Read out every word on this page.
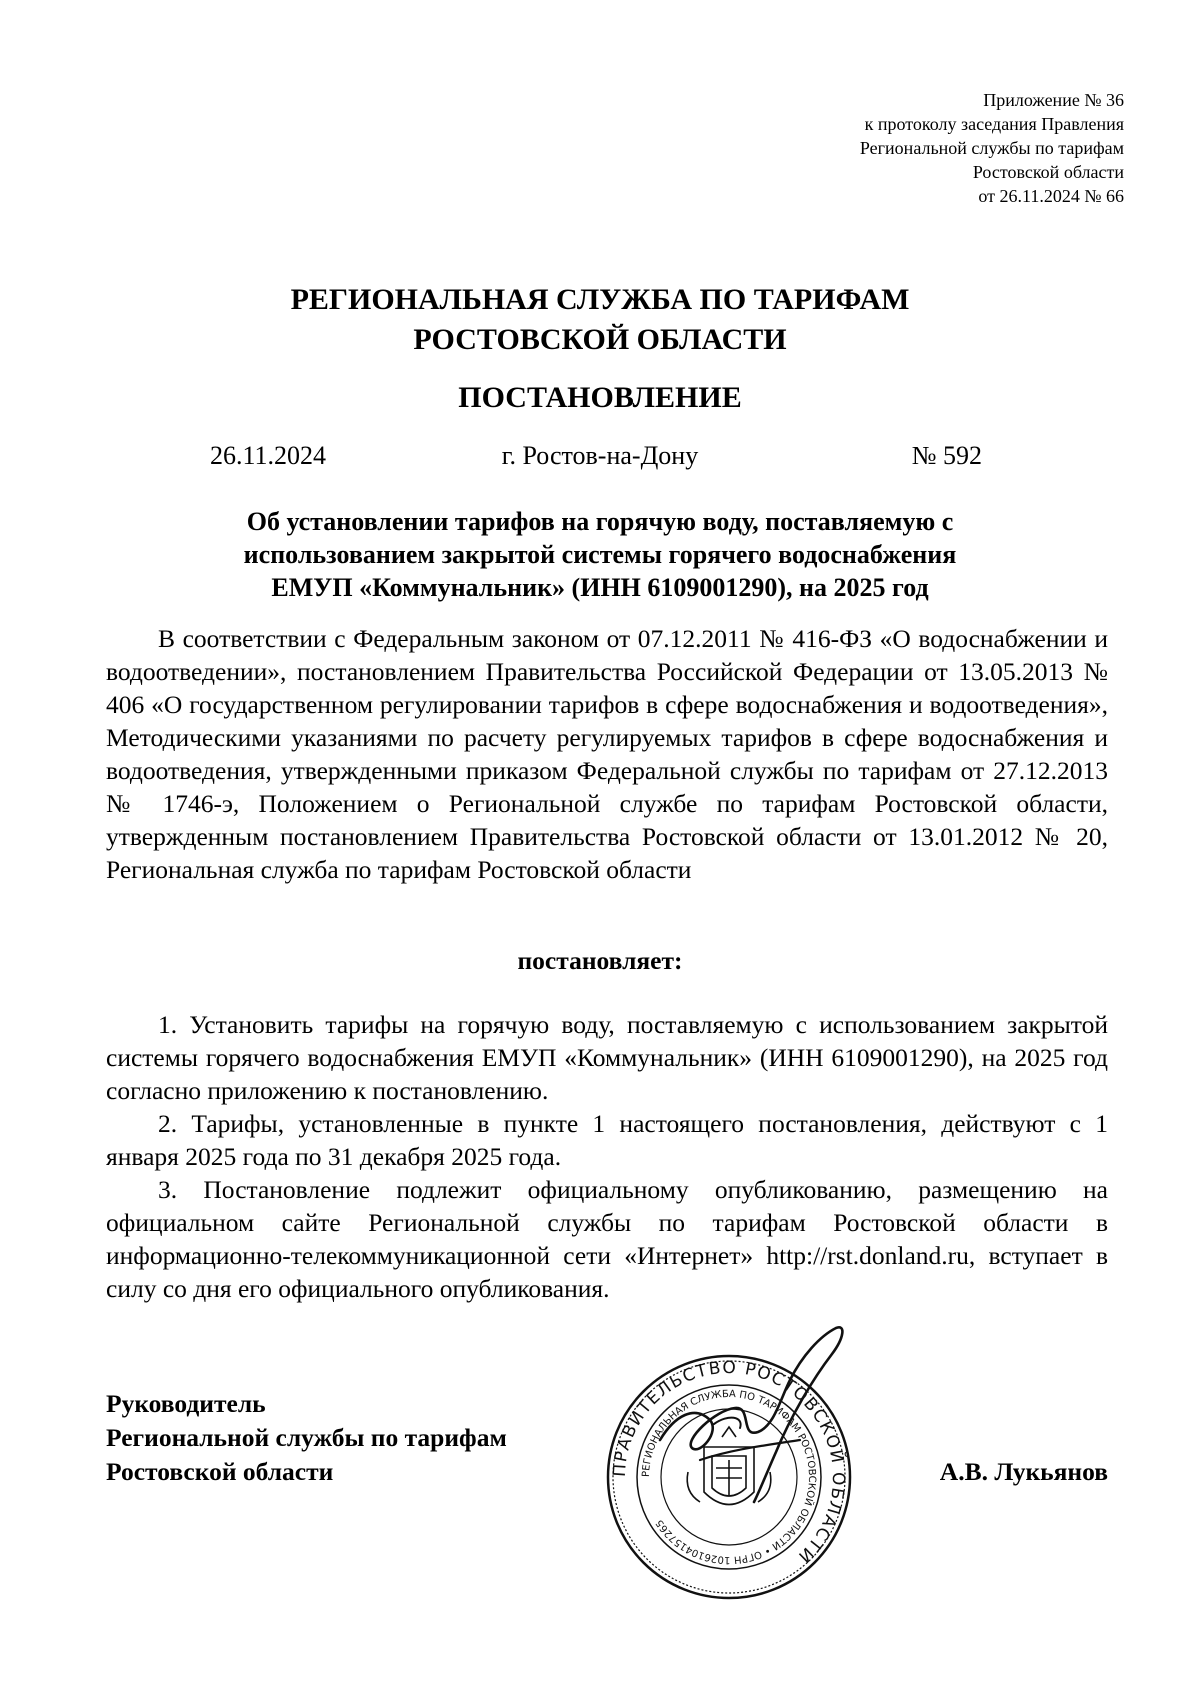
Приложение № 36
к протоколу заседания Правления
Региональной службы по тарифам
Ростовской области
от 26.11.2024 № 66
РЕГИОНАЛЬНАЯ СЛУЖБА ПО ТАРИФАМ
РОСТОВСКОЙ ОБЛАСТИ
ПОСТАНОВЛЕНИЕ
г. Ростов-на-Дону
26.11.2024	№ 592
Об установлении тарифов на горячую воду, поставляемую с
использованием закрытой системы горячего водоснабжения
ЕМУП «Коммунальник» (ИНН 6109001290), на 2025 год

В соответствии с Федеральным законом от 07.12.2011 № 416-ФЗ «О водоснабжении и водоотведении», постановлением Правительства Российской Федерации от 13.05.2013 № 406 «О государственном регулировании тарифов в сфере водоснабжения и водоотведения», Методическими указаниями по расчету регулируемых тарифов в сфере водоснабжения и водоотведения, утвержденными приказом Федеральной службы по тарифам от 27.12.2013 № 1746-э, Положением о Региональной службе по тарифам Ростовской области, утвержденным постановлением Правительства Ростовской области от 13.01.2012 № 20, Региональная служба по тарифам Ростовской области

постановляет:

1. Установить тарифы на горячую воду, поставляемую с использованием закрытой системы горячего водоснабжения ЕМУП «Коммунальник» (ИНН 6109001290), на 2025 год согласно приложению к постановлению.

2. Тарифы, установленные в пункте 1 настоящего постановления, действуют с 1 января 2025 года по 31 декабря 2025 года.

3. Постановление подлежит официальному опубликованию, размещению на официальном сайте Региональной службы по тарифам Ростовской области в информационно-телекоммуникационной сети «Интернет» http://rst.donland.ru, вступает в силу со дня его официального опубликования.

Руководитель
Региональной службы по тарифам
Ростовской области	ПРАВИТЕЛЬСТВО РОСТОВСКОЙ ОБЛАСТИ
РЕГИОНАЛЬНАЯ СЛУЖБА ПО ТАРИФАМ РОСТОВСКОЙ ОБЛАСТИ • ОГРН 1026104157265
А.В. Лукьянов
